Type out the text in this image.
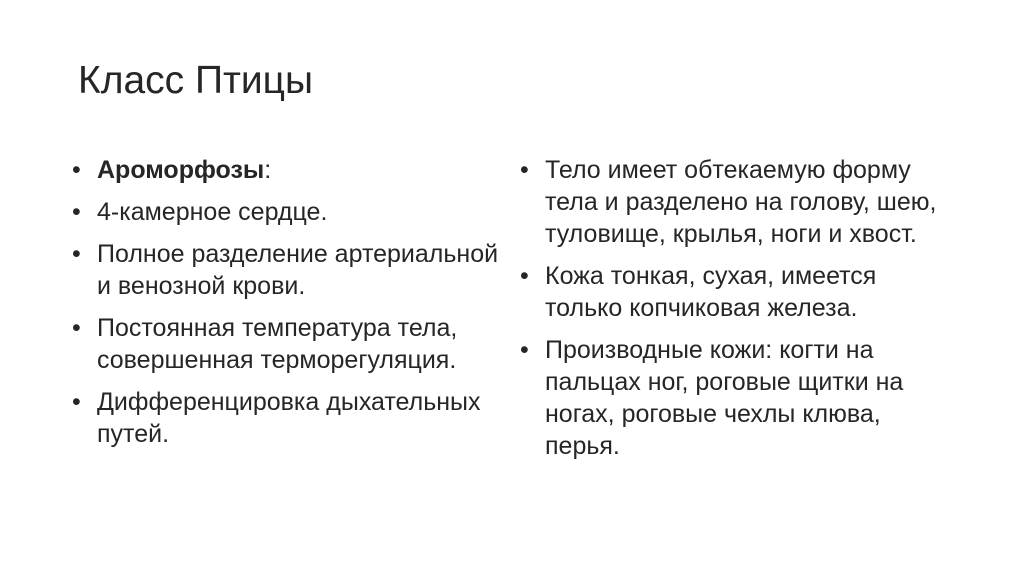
Класс Птицы
• Ароморфозы:
• 4-камерное сердце.
• Полное разделение артериальной и венозной крови.
• Постоянная температура тела, совершенная терморегуляция.
• Дифференцировка дыхательных путей.
• Тело имеет обтекаемую форму тела и разделено на голову, шею, туловище, крылья, ноги и хвост.
• Кожа тонкая, сухая, имеется только копчиковая железа.
• Производные кожи: когти на пальцах ног, роговые щитки на ногах, роговые чехлы клюва, перья.
